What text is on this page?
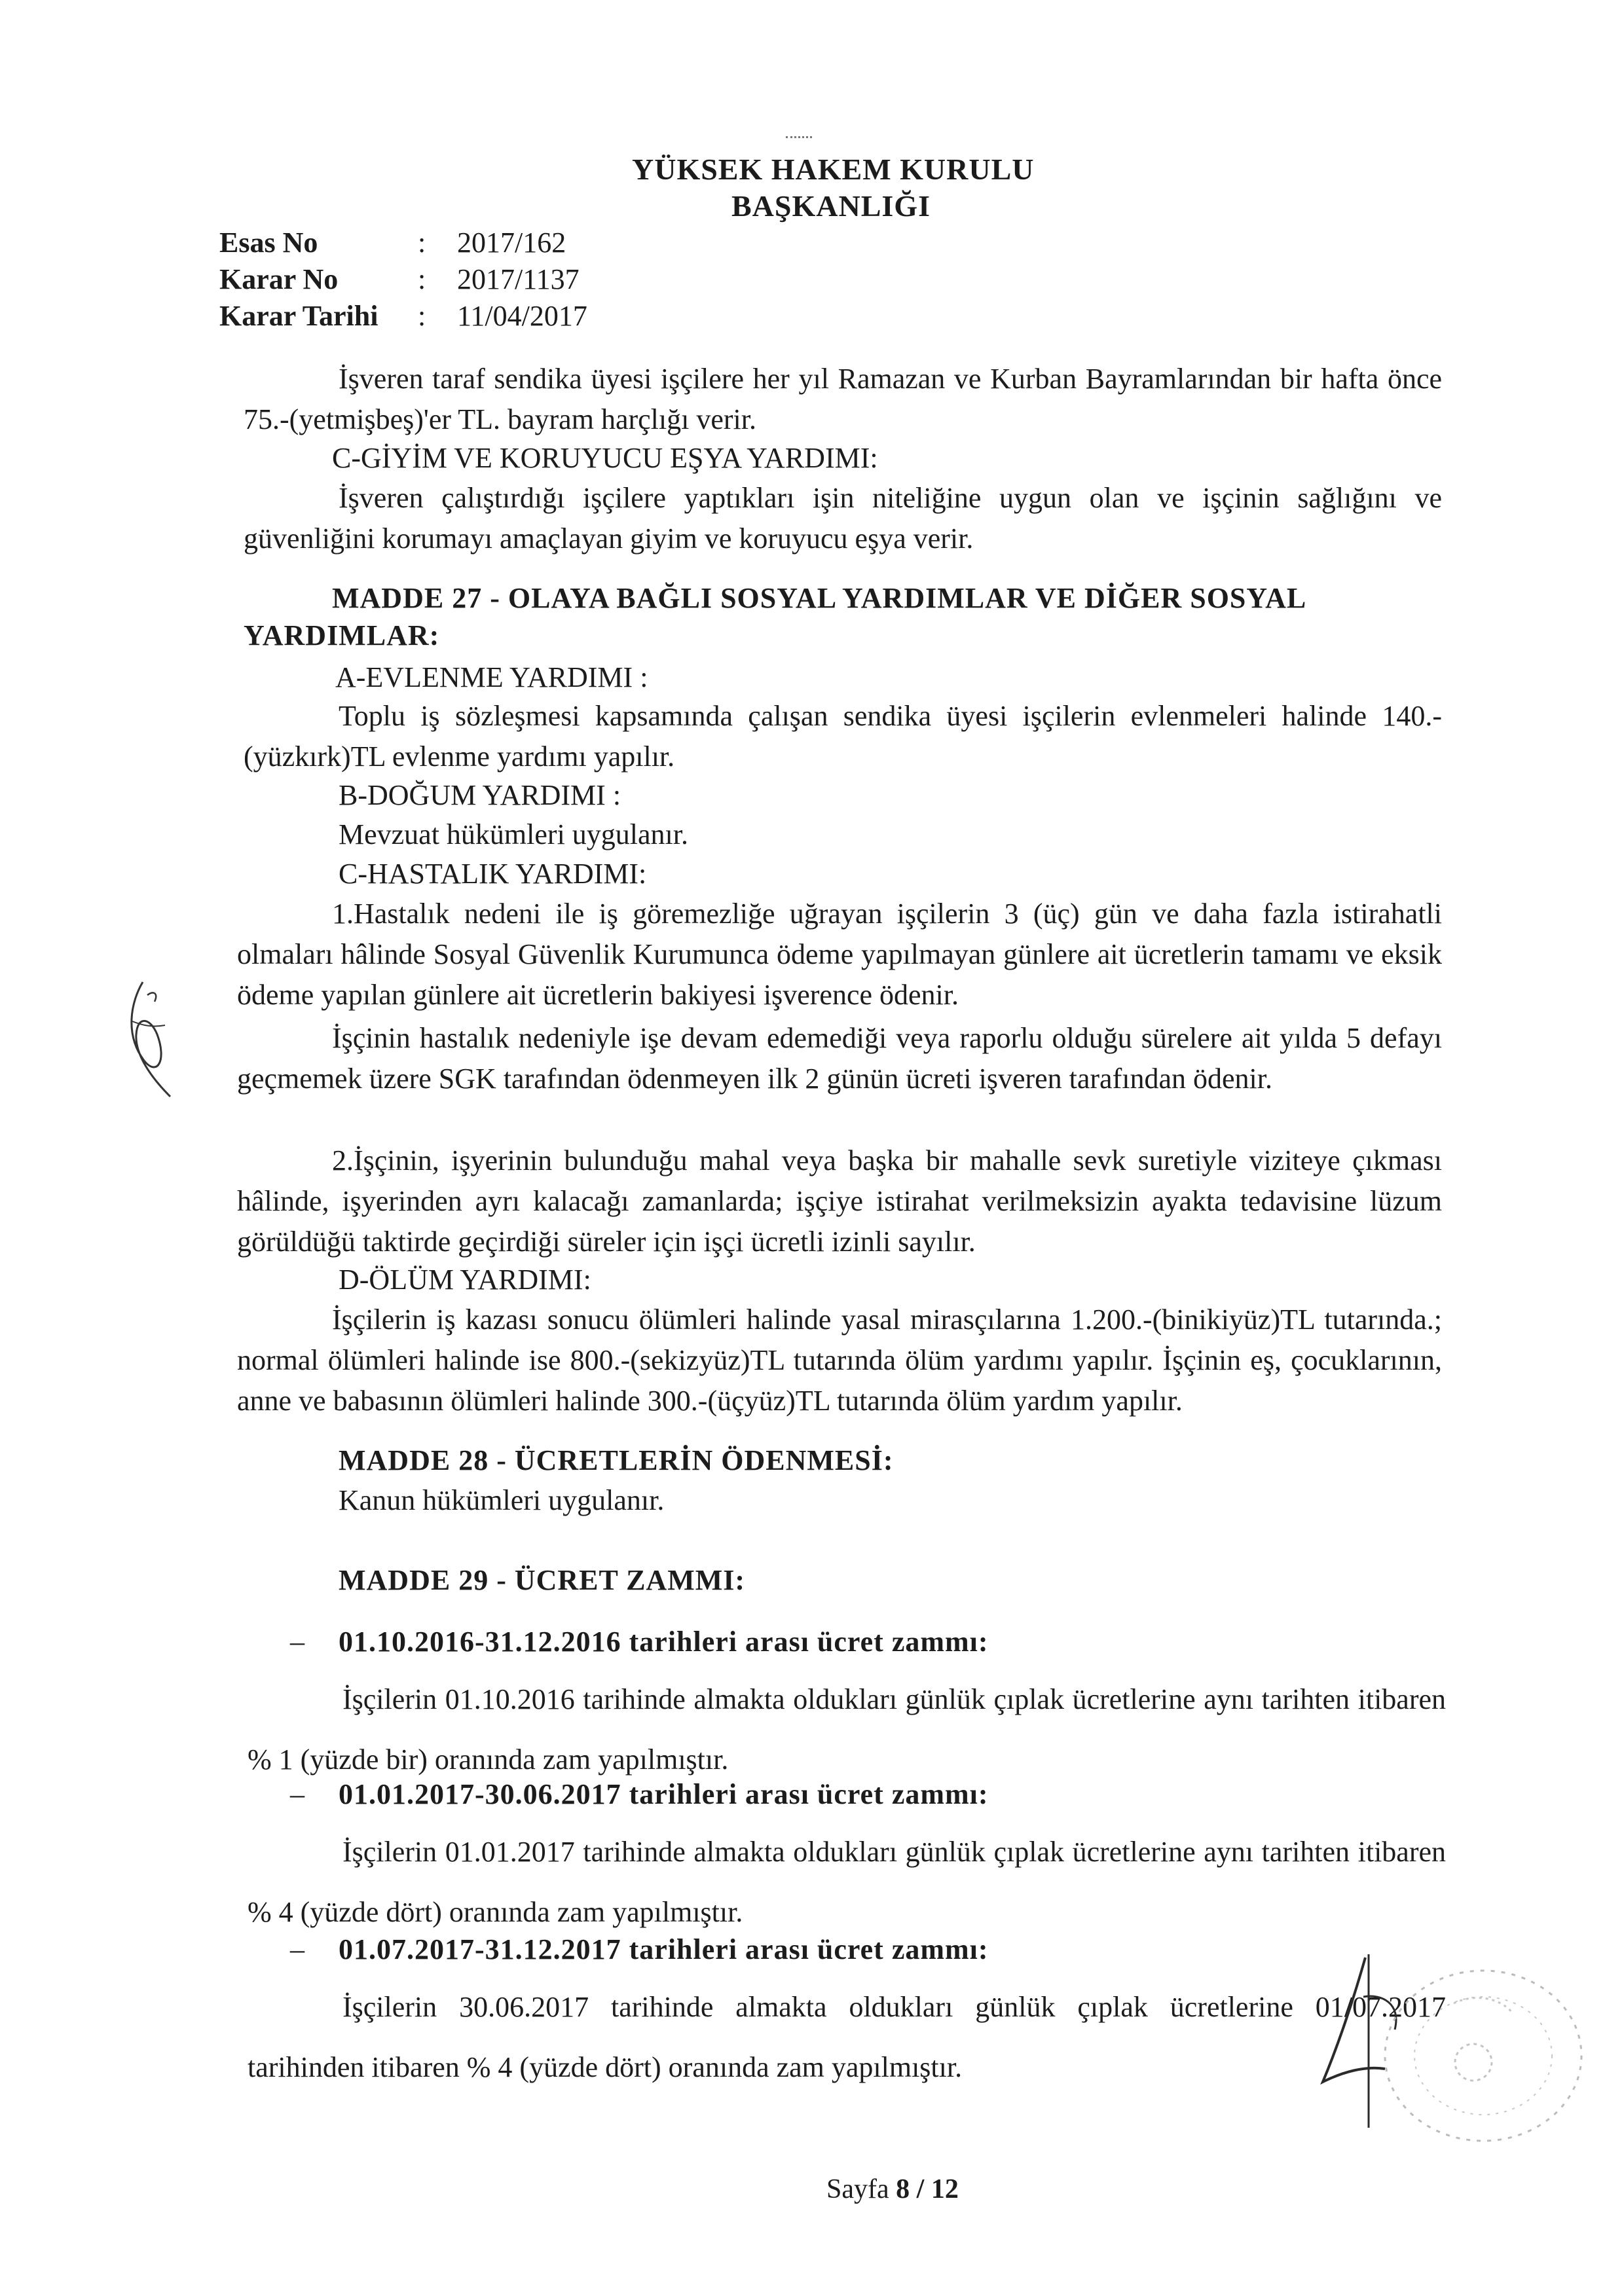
YÜKSEK HAKEM KURULU
BAŞKANLIĞI
Esas No	: 2017/162
Karar No	: 2017/1137
Karar Tarihi : 11/04/2017
İşveren taraf sendika üyesi işçilere her yıl Ramazan ve Kurban Bayramlarından bir hafta önce 75.-(yetmişbeş)'er TL. bayram harçlığı verir.
C-GİYİM VE KORUYUCU EŞYA YARDIMI:
İşveren çalıştırdığı işçilere yaptıkları işin niteliğine uygun olan ve işçinin sağlığını ve güvenliğini korumayı amaçlayan giyim ve koruyucu eşya verir.
MADDE 27 - OLAYA BAĞLI SOSYAL YARDIMLAR VE DİĞER SOSYAL
YARDIMLAR:
A-EVLENME YARDIMI :
Toplu iş sözleşmesi kapsamında çalışan sendika üyesi işçilerin evlenmeleri halinde 140.-(yüzkırk)TL evlenme yardımı yapılır.
B-DOĞUM YARDIMI :
Mevzuat hükümleri uygulanır.
C-HASTALIK YARDIMI:
1.Hastalık nedeni ile iş göremezliğe uğrayan işçilerin 3 (üç) gün ve daha fazla istirahatli olmaları hâlinde Sosyal Güvenlik Kurumunca ödeme yapılmayan günlere ait ücretlerin tamamı ve eksik ödeme yapılan günlere ait ücretlerin bakiyesi işverence ödenir.
İşçinin hastalık nedeniyle işe devam edemediği veya raporlu olduğu sürelere ait yılda 5 defayı geçmemek üzere SGK tarafından ödenmeyen ilk 2 günün ücreti işveren tarafından ödenir.
2.İşçinin, işyerinin bulunduğu mahal veya başka bir mahalle sevk suretiyle viziteye çıkması hâlinde, işyerinden ayrı kalacağı zamanlarda; işçiye istirahat verilmeksizin ayakta tedavisine lüzum görüldüğü taktirde geçirdiği süreler için işçi ücretli izinli sayılır.
D-ÖLÜM YARDIMI:
İşçilerin iş kazası sonucu ölümleri halinde yasal mirasçılarına 1.200.-(binikiyüz)TL tutarında.; normal ölümleri halinde ise 800.-(sekizyüz)TL tutarında ölüm yardımı yapılır. İşçinin eş, çocuklarının, anne ve babasının ölümleri halinde 300.-(üçyüz)TL tutarında ölüm yardım yapılır.
MADDE 28 - ÜCRETLERİN ÖDENMESİ:
Kanun hükümleri uygulanır.
MADDE 29 - ÜCRET ZAMMI:
– 01.10.2016-31.12.2016 tarihleri arası ücret zammı:
İşçilerin 01.10.2016 tarihinde almakta oldukları günlük çıplak ücretlerine aynı tarihten itibaren % 1 (yüzde bir) oranında zam yapılmıştır.
– 01.01.2017-30.06.2017 tarihleri arası ücret zammı:
İşçilerin 01.01.2017 tarihinde almakta oldukları günlük çıplak ücretlerine aynı tarihten itibaren % 4 (yüzde dört) oranında zam yapılmıştır.
– 01.07.2017-31.12.2017 tarihleri arası ücret zammı:
İşçilerin 30.06.2017 tarihinde almakta oldukları günlük çıplak ücretlerine 01/07.2017 tarihinden itibaren % 4 (yüzde dört) oranında zam yapılmıştır.
Sayfa 8 / 12
